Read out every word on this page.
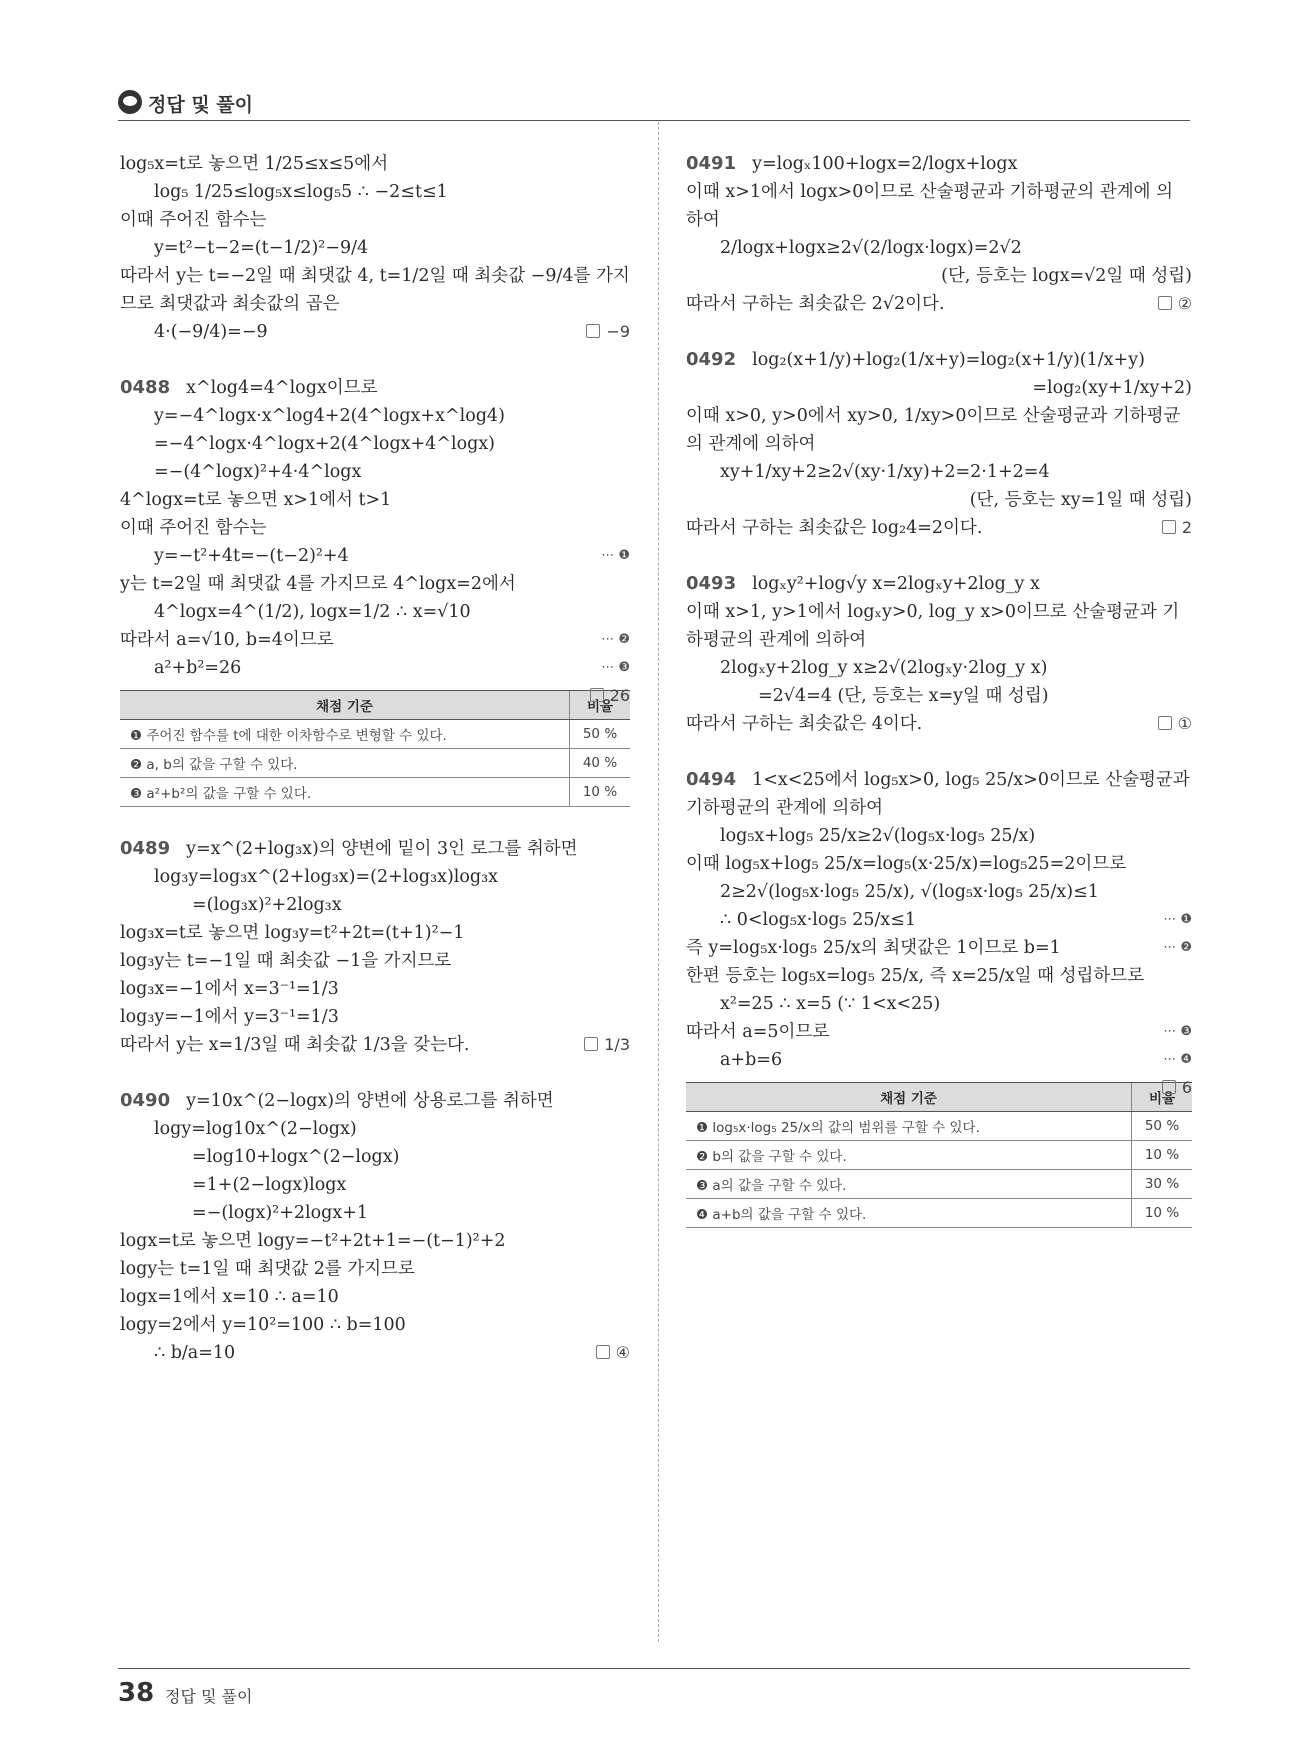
정답 및 풀이
log₅x=t로 놓으면 1/25≤x≤5에서
log₅ 1/25≤log₅x≤log₅5 ∴ −2≤t≤1
이때 주어진 함수는
y=t²−t−2=(t−1/2)²−9/4
따라서 y는 t=−2일 때 최댓값 4, t=1/2일 때 최솟값 −9/4를 가지
므로 최댓값과 최솟값의 곱은
4·(−9/4)=−9	−9
0488 x^log4=4^logx이므로
y=−4^logx·x^log4+2(4^logx+x^log4)
=−4^logx·4^logx+2(4^logx+4^logx)
=−(4^logx)²+4·4^logx
4^logx=t로 놓으면 x>1에서 t>1
이때 주어진 함수는
y=−t²+4t=−(t−2)²+4	⋯ ❶
y는 t=2일 때 최댓값 4를 가지므로 4^logx=2에서
4^logx=4^(1/2), logx=1/2 ∴ x=√10
따라서 a=√10, b=4이므로	⋯ ❷
a²+b²=26	⋯ ❸
26
채점 기준	비율
❶ 주어진 함수를 t에 대한 이차함수로 변형할 수 있다.	50 %
❷ a, b의 값을 구할 수 있다.	40 %
❸ a²+b²의 값을 구할 수 있다.	10 %
0489 y=x^(2+log₃x)의 양변에 밑이 3인 로그를 취하면
log₃y=log₃x^(2+log₃x)=(2+log₃x)log₃x
=(log₃x)²+2log₃x
log₃x=t로 놓으면 log₃y=t²+2t=(t+1)²−1
log₃y는 t=−1일 때 최솟값 −1을 가지므로
log₃x=−1에서 x=3⁻¹=1/3
log₃y=−1에서 y=3⁻¹=1/3
따라서 y는 x=1/3일 때 최솟값 1/3을 갖는다.	1/3
0490 y=10x^(2−logx)의 양변에 상용로그를 취하면
logy=log10x^(2−logx)
=log10+logx^(2−logx)
=1+(2−logx)logx
=−(logx)²+2logx+1
logx=t로 놓으면 logy=−t²+2t+1=−(t−1)²+2
logy는 t=1일 때 최댓값 2를 가지므로
logx=1에서 x=10 ∴ a=10
logy=2에서 y=10²=100 ∴ b=100
∴ b/a=10	④
0491 y=logₓ100+logx=2/logx+logx
이때 x>1에서 logx>0이므로 산술평균과 기하평균의 관계에 의
하여
2/logx+logx≥2√(2/logx·logx)=2√2
(단, 등호는 logx=√2일 때 성립)
따라서 구하는 최솟값은 2√2이다.	②
0492 log₂(x+1/y)+log₂(1/x+y)=log₂(x+1/y)(1/x+y)
=log₂(xy+1/xy+2)
이때 x>0, y>0에서 xy>0, 1/xy>0이므로 산술평균과 기하평균
의 관계에 의하여
xy+1/xy+2≥2√(xy·1/xy)+2=2·1+2=4
(단, 등호는 xy=1일 때 성립)
따라서 구하는 최솟값은 log₂4=2이다.	2
0493 logₓy²+log√y x=2logₓy+2log_y x
이때 x>1, y>1에서 logₓy>0, log_y x>0이므로 산술평균과 기
하평균의 관계에 의하여
2logₓy+2log_y x≥2√(2logₓy·2log_y x)
=2√4=4 (단, 등호는 x=y일 때 성립)
따라서 구하는 최솟값은 4이다.	①
0494 1<x<25에서 log₅x>0, log₅ 25/x>0이므로 산술평균과
기하평균의 관계에 의하여
log₅x+log₅ 25/x≥2√(log₅x·log₅ 25/x)
이때 log₅x+log₅ 25/x=log₅(x·25/x)=log₅25=2이므로
2≥2√(log₅x·log₅ 25/x), √(log₅x·log₅ 25/x)≤1
∴ 0<log₅x·log₅ 25/x≤1	⋯ ❶
즉 y=log₅x·log₅ 25/x의 최댓값은 1이므로 b=1	⋯ ❷
한편 등호는 log₅x=log₅ 25/x, 즉 x=25/x일 때 성립하므로
x²=25 ∴ x=5 (∵ 1<x<25)
따라서 a=5이므로	⋯ ❸
a+b=6	⋯ ❹
6
채점 기준	비율
❶ log₅x·log₅ 25/x의 값의 범위를 구할 수 있다.	50 %
❷ b의 값을 구할 수 있다.	10 %
❸ a의 값을 구할 수 있다.	30 %
❹ a+b의 값을 구할 수 있다.	10 %
38 정답 및 풀이
